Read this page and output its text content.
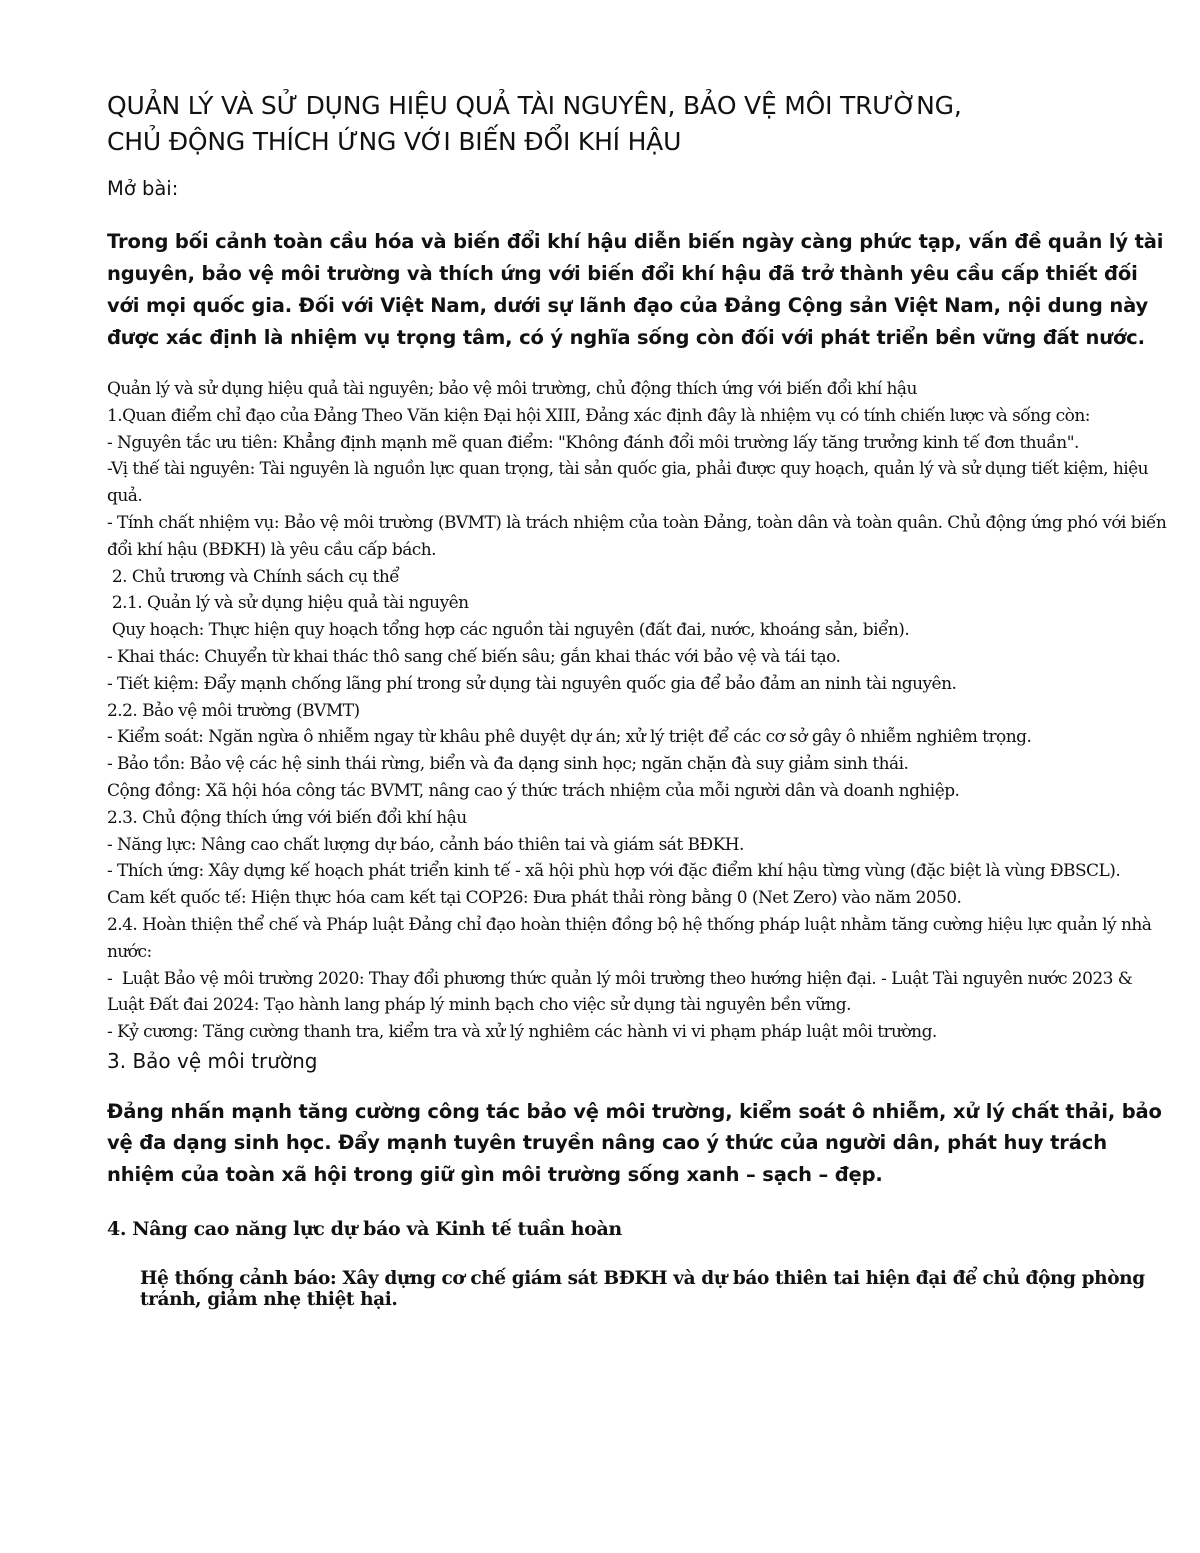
QUẢN LÝ VÀ SỬ DỤNG HIỆU QUẢ TÀI NGUYÊN, BẢO VỆ MÔI TRƯỜNG,
CHỦ ĐỘNG THÍCH ỨNG VỚI BIẾN ĐỔI KHÍ HẬU

Mở bài:

Trong bối cảnh toàn cầu hóa và biến đổi khí hậu diễn biến ngày càng phức tạp, vấn đề quản lý tài nguyên, bảo vệ môi trường và thích ứng với biến đổi khí hậu đã trở thành yêu cầu cấp thiết đối với mọi quốc gia. Đối với Việt Nam, dưới sự lãnh đạo của Đảng Cộng sản Việt Nam, nội dung này được xác định là nhiệm vụ trọng tâm, có ý nghĩa sống còn đối với phát triển bền vững đất nước.

Quản lý và sử dụng hiệu quả tài nguyên; bảo vệ môi trường, chủ động thích ứng với biến đổi khí hậu
1.Quan điểm chỉ đạo của Đảng Theo Văn kiện Đại hội XIII, Đảng xác định đây là nhiệm vụ có tính chiến lược và sống còn:
- Nguyên tắc ưu tiên: Khẳng định mạnh mẽ quan điểm: "Không đánh đổi môi trường lấy tăng trưởng kinh tế đơn thuần".
-Vị thế tài nguyên: Tài nguyên là nguồn lực quan trọng, tài sản quốc gia, phải được quy hoạch, quản lý và sử dụng tiết kiệm, hiệu quả.
- Tính chất nhiệm vụ: Bảo vệ môi trường (BVMT) là trách nhiệm của toàn Đảng, toàn dân và toàn quân. Chủ động ứng phó với biến đổi khí hậu (BĐKH) là yêu cầu cấp bách.
2. Chủ trương và Chính sách cụ thể
2.1. Quản lý và sử dụng hiệu quả tài nguyên
Quy hoạch: Thực hiện quy hoạch tổng hợp các nguồn tài nguyên (đất đai, nước, khoáng sản, biển).
- Khai thác: Chuyển từ khai thác thô sang chế biến sâu; gắn khai thác với bảo vệ và tái tạo.
- Tiết kiệm: Đẩy mạnh chống lãng phí trong sử dụng tài nguyên quốc gia để bảo đảm an ninh tài nguyên.
2.2. Bảo vệ môi trường (BVMT)
- Kiểm soát: Ngăn ngừa ô nhiễm ngay từ khâu phê duyệt dự án; xử lý triệt để các cơ sở gây ô nhiễm nghiêm trọng.
- Bảo tồn: Bảo vệ các hệ sinh thái rừng, biển và đa dạng sinh học; ngăn chặn đà suy giảm sinh thái.
Cộng đồng: Xã hội hóa công tác BVMT, nâng cao ý thức trách nhiệm của mỗi người dân và doanh nghiệp.
2.3. Chủ động thích ứng với biến đổi khí hậu
- Năng lực: Nâng cao chất lượng dự báo, cảnh báo thiên tai và giám sát BĐKH.
- Thích ứng: Xây dựng kế hoạch phát triển kinh tế - xã hội phù hợp với đặc điểm khí hậu từng vùng (đặc biệt là vùng ĐBSCL).
Cam kết quốc tế: Hiện thực hóa cam kết tại COP26: Đưa phát thải ròng bằng 0 (Net Zero) vào năm 2050.
2.4. Hoàn thiện thể chế và Pháp luật Đảng chỉ đạo hoàn thiện đồng bộ hệ thống pháp luật nhằm tăng cường hiệu lực quản lý nhà nước:
-  Luật Bảo vệ môi trường 2020: Thay đổi phương thức quản lý môi trường theo hướng hiện đại. - Luật Tài nguyên nước 2023 & Luật Đất đai 2024: Tạo hành lang pháp lý minh bạch cho việc sử dụng tài nguyên bền vững.
- Kỷ cương: Tăng cường thanh tra, kiểm tra và xử lý nghiêm các hành vi vi phạm pháp luật môi trường.

3. Bảo vệ môi trường

Đảng nhấn mạnh tăng cường công tác bảo vệ môi trường, kiểm soát ô nhiễm, xử lý chất thải, bảo vệ đa dạng sinh học. Đẩy mạnh tuyên truyền nâng cao ý thức của người dân, phát huy trách nhiệm của toàn xã hội trong giữ gìn môi trường sống xanh – sạch – đẹp.

4. Nâng cao năng lực dự báo và Kinh tế tuần hoàn

Hệ thống cảnh báo: Xây dựng cơ chế giám sát BĐKH và dự báo thiên tai hiện đại để chủ động phòng tránh, giảm nhẹ thiệt hại.
